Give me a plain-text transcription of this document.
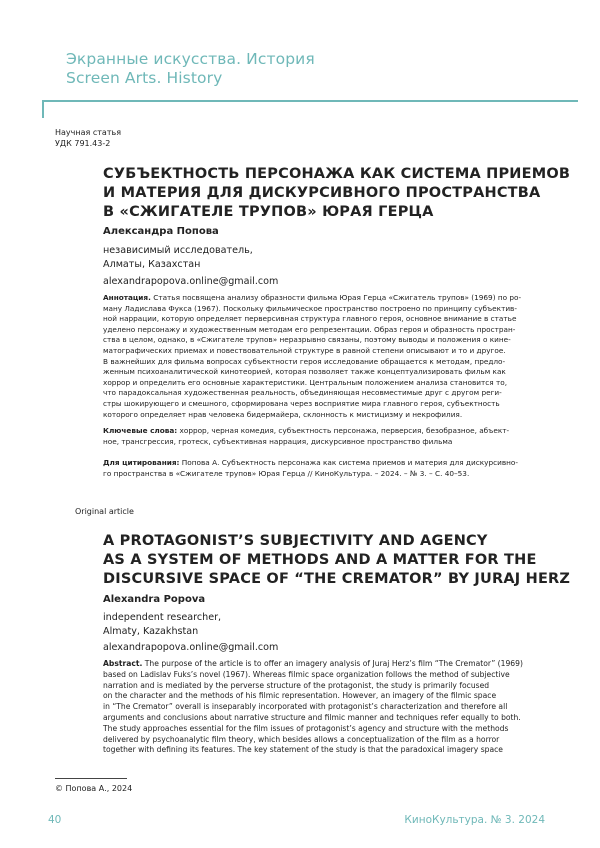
Экранные искусства. История
Screen Arts. History
Научная статья
УДК 791.43-2
СУБЪЕКТНОСТЬ ПЕРСОНАЖА КАК СИСТЕМА ПРИЕМОВ
И МАТЕРИЯ ДЛЯ ДИСКУРСИВНОГО ПРОСТРАНСТВА
В «СЖИГАТЕЛЕ ТРУПОВ» ЮРАЯ ГЕРЦА
Александра Попова
независимый исследователь,
Алматы, Казахстан
alexandrapopova.online@gmail.com
Аннотация. Статья посвящена анализу образности фильма Юрая Герца «Сжигатель трупов» (1969) по ро-
ману Ладислава Фукса (1967). Поскольку фильмическое пространство построено по принципу субъектив-
ной наррации, которую определяет перверсивная структура главного героя, основное внимание в статье
уделено персонажу и художественным методам его репрезентации. Образ героя и образность простран-
ства в целом, однако, в «Сжигателе трупов» неразрывно связаны, поэтому выводы и положения о кине-
матографических приемах и повествовательной структуре в равной степени описывают и то и другое.
В важнейших для фильма вопросах субъектности героя исследование обращается к методам, предло-
женным психоаналитической кинотеорией, которая позволяет также концептуализировать фильм как
хоррор и определить его основные характеристики. Центральным положением анализа становится то,
что парадоксальная художественная реальность, объединяющая несовместимые друг с другом реги-
стры шокирующего и смешного, сформирована через восприятие мира главного героя, субъектность
которого определяет нрав человека бидермайера, склонность к мистицизму и некрофилия.
Ключевые слова: хоррор, черная комедия, субъектность персонажа, перверсия, безобразное, абъект-
ное, трансгрессия, гротеск, субъективная наррация, дискурсивное пространство фильма
Для цитирования: Попова А. Субъектность персонажа как система приемов и материя для дискурсивно-
го пространства в «Сжигателе трупов» Юрая Герца // КиноКультура. – 2024. – № 3. – С. 40–53.
Original article
A PROTAGONIST’S SUBJECTIVITY AND AGENCY
AS A SYSTEM OF METHODS AND A MATTER FOR THE
DISCURSIVE SPACE OF “THE CREMATOR” BY JURAJ HERZ
Alexandra Popova
independent researcher,
Almaty, Kazakhstan
alexandrapopova.online@gmail.com
Abstract. The purpose of the article is to offer an imagery analysis of Juraj Herz’s film “The Cremator” (1969)
based on Ladislav Fuks’s novel (1967). Whereas filmic space organization follows the method of subjective
narration and is mediated by the perverse structure of the protagonist, the study is primarily focused
on the character and the methods of his filmic representation. However, an imagery of the filmic space
in “The Cremator” overall is inseparably incorporated with protagonist’s characterization and therefore all
arguments and conclusions about narrative structure and filmic manner and techniques refer equally to both.
The study approaches essential for the film issues of protagonist’s agency and structure with the methods
delivered by psychoanalytic film theory, which besides allows a conceptualization of the film as a horror
together with defining its features. The key statement of the study is that the paradoxical imagery space
© Попова А., 2024
40	КиноКультура. № 3. 2024
